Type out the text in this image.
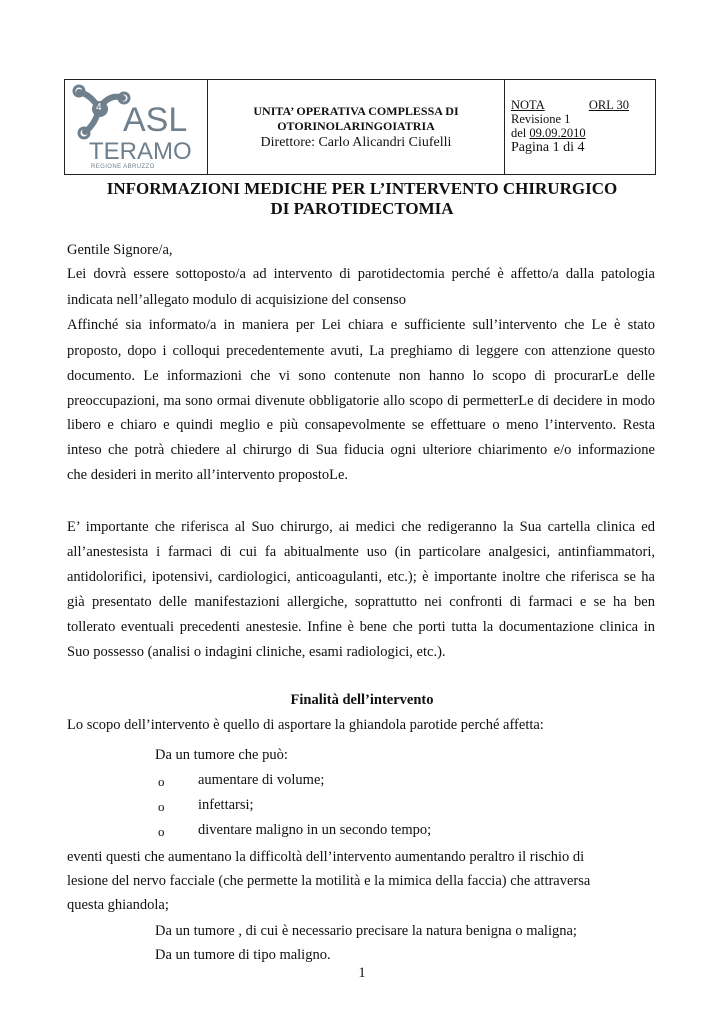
4 ASL
TERAMO
REGIONE ABRUZZO
UNITA’ OPERATIVA COMPLESSA DI
OTORINOLARINGOIATRIA
Direttore: Carlo Alicandri Ciufelli
NOTA	ORL 30
Revisione 1
del 09.09.2010
Pagina 1 di 4
INFORMAZIONI MEDICHE PER L’INTERVENTO CHIRURGICO
DI PAROTIDECTOMIA
Gentile Signore/a,
Lei dovrà essere sottoposto/a ad intervento di parotidectomia perché è affetto/a dalla patologia
indicata nell’allegato modulo di acquisizione del consenso
Affinché sia informato/a in maniera per Lei chiara e sufficiente sull’intervento che Le è stato
proposto, dopo i colloqui precedentemente avuti, La preghiamo di leggere con attenzione questo
documento. Le informazioni che vi sono contenute non hanno lo scopo di procurarLe delle
preoccupazioni, ma sono ormai divenute obbligatorie allo scopo di permetterLe di decidere in modo
libero e chiaro e quindi meglio e più consapevolmente se effettuare o meno l’intervento. Resta
inteso che potrà chiedere al chirurgo di Sua fiducia ogni ulteriore chiarimento e/o informazione
che desideri in merito all’intervento propostoLe.
E’ importante che riferisca al Suo chirurgo, ai medici che redigeranno la Sua cartella clinica ed
all’anestesista i farmaci di cui fa abitualmente uso (in particolare analgesici, antinfiammatori,
antidolorifici, ipotensivi, cardiologici, anticoagulanti, etc.); è importante inoltre che riferisca se ha
già presentato delle manifestazioni allergiche, soprattutto nei confronti di farmaci e se ha ben
tollerato eventuali precedenti anestesie. Infine è bene che porti tutta la documentazione clinica in
Suo possesso (analisi o indagini cliniche, esami radiologici, etc.).
Finalità dell’intervento
Lo scopo dell’intervento è quello di asportare la ghiandola parotide perché affetta:
Da un tumore che può:
o aumentare di volume;
o infettarsi;
o diventare maligno in un secondo tempo;
eventi questi che aumentano la difficoltà dell’intervento aumentando peraltro il rischio di
lesione del nervo facciale (che permette la motilità e la mimica della faccia) che attraversa
questa ghiandola;
Da un tumore , di cui è necessario precisare la natura benigna o maligna;
Da un tumore di tipo maligno.
1
